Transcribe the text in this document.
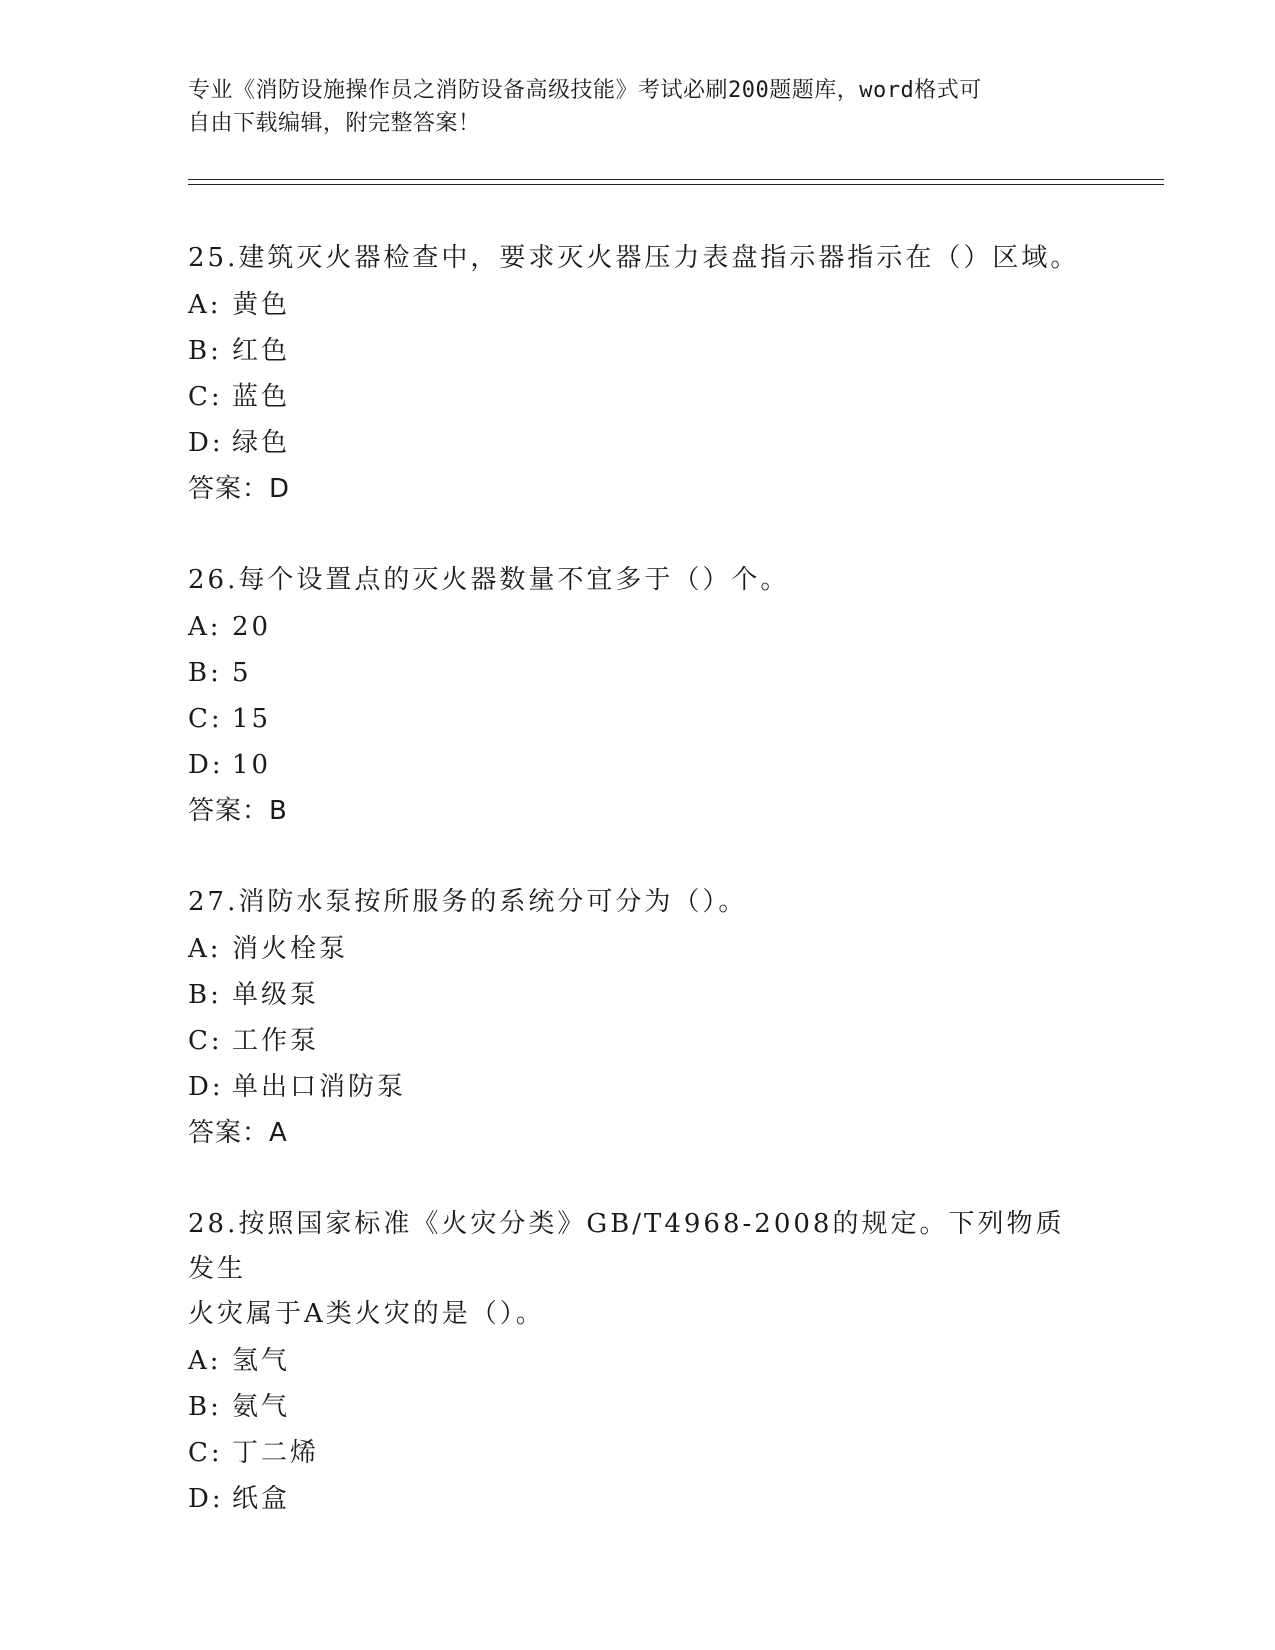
专业《消防设施操作员之消防设备高级技能》考试必刷200题题库，word格式可
自由下载编辑，附完整答案！
25.建筑灭火器检查中，要求灭火器压力表盘指示器指示在（）区域。
A: 黄色
B: 红色
C: 蓝色
D: 绿色
答案：D
26.每个设置点的灭火器数量不宜多于（）个。
A: 20
B: 5
C: 15
D: 10
答案：B
27.消防水泵按所服务的系统分可分为（）。
A: 消火栓泵
B: 单级泵
C: 工作泵
D: 单出口消防泵
答案：A
28.按照国家标准《火灾分类》GB/T4968-2008的规定。下列物质发生
火灾属于A类火灾的是（）。
A: 氢气
B: 氨气
C: 丁二烯
D: 纸盒
